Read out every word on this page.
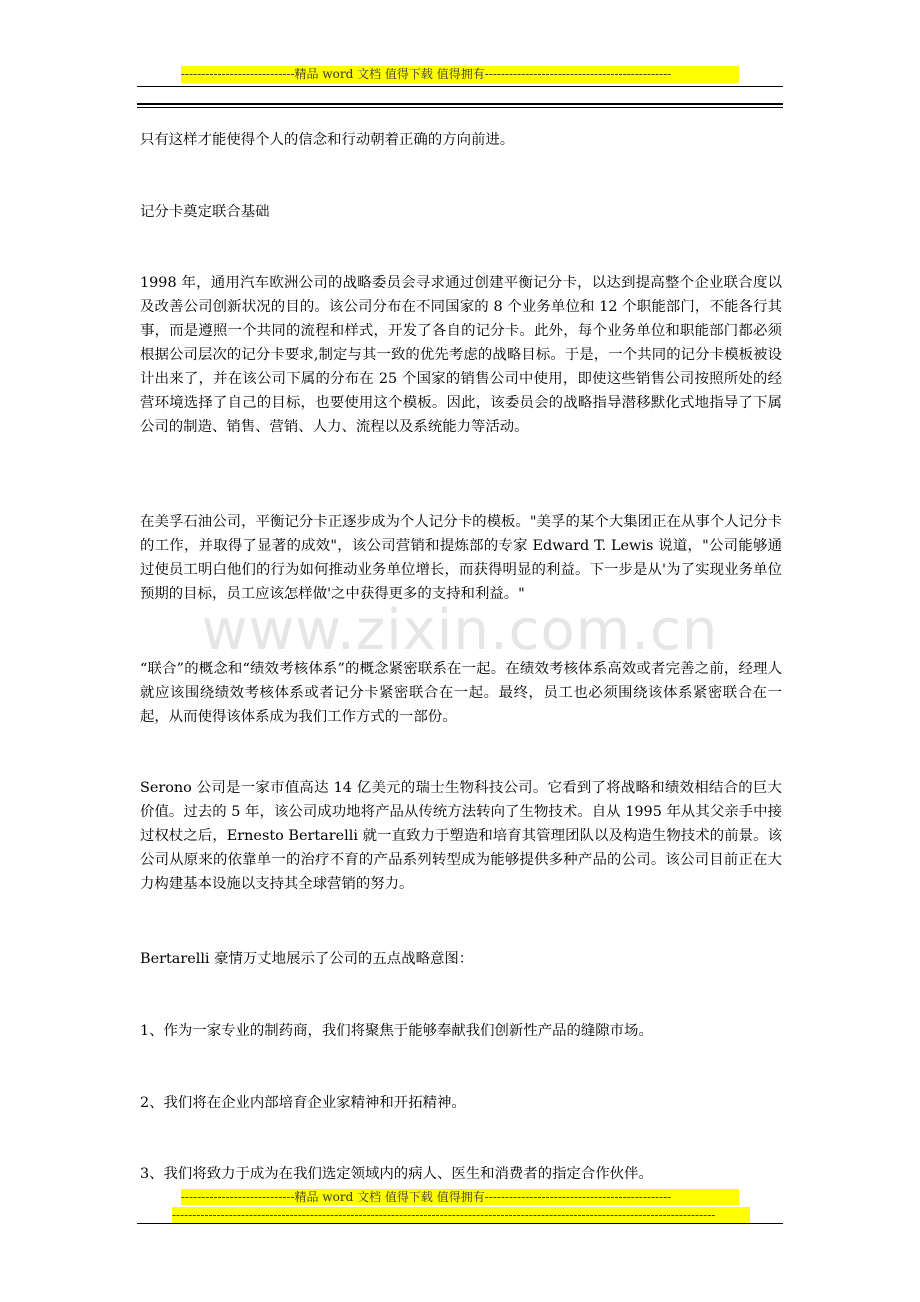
----------------------------精品 word 文档 值得下载 值得拥有----------------------------------------------

只有这样才能使得个人的信念和行动朝着正确的方向前进。

记分卡奠定联合基础

1998 年，通用汽车欧洲公司的战略委员会寻求通过创建平衡记分卡，以达到提高整个企业联合度以及改善公司创新状况的目的。该公司分布在不同国家的 8 个业务单位和 12 个职能部门，不能各行其事，而是遵照一个共同的流程和样式，开发了各自的记分卡。此外，每个业务单位和职能部门都必须根据公司层次的记分卡要求,制定与其一致的优先考虑的战略目标。于是，一个共同的记分卡模板被设计出来了，并在该公司下属的分布在 25 个国家的销售公司中使用，即使这些销售公司按照所处的经营环境选择了自己的目标，也要使用这个模板。因此，该委员会的战略指导潜移默化式地指导了下属公司的制造、销售、营销、人力、流程以及系统能力等活动。

在美孚石油公司，平衡记分卡正逐步成为个人记分卡的模板。"美孚的某个大集团正在从事个人记分卡的工作，并取得了显著的成效"，该公司营销和提炼部的专家 Edward T. Lewis 说道，"公司能够通过使员工明白他们的行为如何推动业务单位增长，而获得明显的利益。下一步是从'为了实现业务单位预期的目标，员工应该怎样做'之中获得更多的支持和利益。"

“联合”的概念和“绩效考核体系”的概念紧密联系在一起。在绩效考核体系高效或者完善之前，经理人就应该围绕绩效考核体系或者记分卡紧密联合在一起。最终，员工也必须围绕该体系紧密联合在一起，从而使得该体系成为我们工作方式的一部份。

Serono 公司是一家市值高达 14 亿美元的瑞士生物科技公司。它看到了将战略和绩效相结合的巨大价值。过去的 5 年，该公司成功地将产品从传统方法转向了生物技术。自从 1995 年从其父亲手中接过权杖之后，Ernesto Bertarelli 就一直致力于塑造和培育其管理团队以及构造生物技术的前景。该公司从原来的依靠单一的治疗不育的产品系列转型成为能够提供多种产品的公司。该公司目前正在大力构建基本设施以支持其全球营销的努力。

Bertarelli 豪情万丈地展示了公司的五点战略意图：

1、作为一家专业的制药商，我们将聚焦于能够奉献我们创新性产品的缝隙市场。

2、我们将在企业内部培育企业家精神和开拓精神。

3、我们将致力于成为在我们选定领域内的病人、医生和消费者的指定合作伙伴。

www.zixin.com.cn
----------------------------精品 word 文档 值得下载 值得拥有----------------------------------------------
--------------------------------------------------------------------------------------------------------------------------------------
